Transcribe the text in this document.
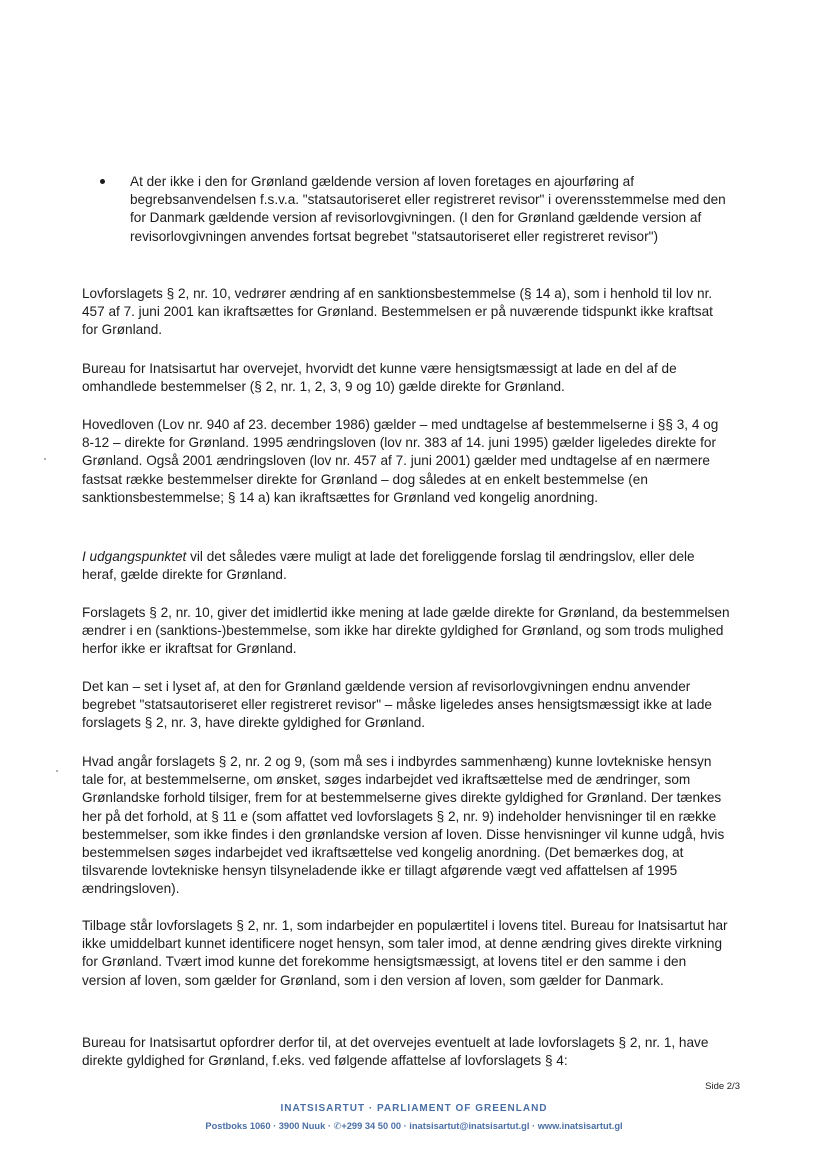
At der ikke i den for Grønland gældende version af loven foretages en ajourføring af begrebsanvendelsen f.s.v.a. "statsautoriseret eller registreret revisor" i overensstemmelse med den for Danmark gældende version af revisorlovgivningen. (I den for Grønland gældende version af revisorlovgivningen anvendes fortsat begrebet "statsautoriseret eller registreret revisor")

Lovforslagets § 2, nr. 10, vedrører ændring af en sanktionsbestemmelse (§ 14 a), som i henhold til lov nr. 457 af 7. juni 2001 kan ikraftsættes for Grønland. Bestemmelsen er på nuværende tidspunkt ikke kraftsat for Grønland.

Bureau for Inatsisartut har overvejet, hvorvidt det kunne være hensigtsmæssigt at lade en del af de omhandlede bestemmelser (§ 2, nr. 1, 2, 3, 9 og 10) gælde direkte for Grønland.

Hovedloven (Lov nr. 940 af 23. december 1986) gælder – med undtagelse af bestemmelserne i §§ 3, 4 og 8-12 – direkte for Grønland. 1995 ændringsloven (lov nr. 383 af 14. juni 1995) gælder ligeledes direkte for Grønland. Også 2001 ændringsloven (lov nr. 457 af 7. juni 2001) gælder med undtagelse af en nærmere fastsat række bestemmelser direkte for Grønland – dog således at en enkelt bestemmelse (en sanktionsbestemmelse; § 14 a) kan ikraftsættes for Grønland ved kongelig anordning.

I udgangspunktet vil det således være muligt at lade det foreliggende forslag til ændringslov, eller dele heraf, gælde direkte for Grønland.

Forslagets § 2, nr. 10, giver det imidlertid ikke mening at lade gælde direkte for Grønland, da bestemmelsen ændrer i en (sanktions-)bestemmelse, som ikke har direkte gyldighed for Grønland, og som trods mulighed herfor ikke er ikraftsat for Grønland.

Det kan – set i lyset af, at den for Grønland gældende version af revisorlovgivningen endnu anvender begrebet "statsautoriseret eller registreret revisor" – måske ligeledes anses hensigtsmæssigt ikke at lade forslagets § 2, nr. 3, have direkte gyldighed for Grønland.

Hvad angår forslagets § 2, nr. 2 og 9, (som må ses i indbyrdes sammenhæng) kunne lovtekniske hensyn tale for, at bestemmelserne, om ønsket, søges indarbejdet ved ikraftsættelse med de ændringer, som Grønlandske forhold tilsiger, frem for at bestemmelserne gives direkte gyldighed for Grønland. Der tænkes her på det forhold, at § 11 e (som affattet ved lovforslagets § 2, nr. 9) indeholder henvisninger til en række bestemmelser, som ikke findes i den grønlandske version af loven. Disse henvisninger vil kunne udgå, hvis bestemmelsen søges indarbejdet ved ikraftsættelse ved kongelig anordning. (Det bemærkes dog, at tilsvarende lovtekniske hensyn tilsyneladende ikke er tillagt afgørende vægt ved affattelsen af 1995 ændringsloven).

Tilbage står lovforslagets § 2, nr. 1, som indarbejder en populærtitel i lovens titel. Bureau for Inatsisartut har ikke umiddelbart kunnet identificere noget hensyn, som taler imod, at denne ændring gives direkte virkning for Grønland. Tvært imod kunne det forekomme hensigtsmæssigt, at lovens titel er den samme i den version af loven, som gælder for Grønland, som i den version af loven, som gælder for Danmark.

Bureau for Inatsisartut opfordrer derfor til, at det overvejes eventuelt at lade lovforslagets § 2, nr. 1, have direkte gyldighed for Grønland, f.eks. ved følgende affattelse af lovforslagets § 4:

Side 2/3
INATSISARTUT · PARLIAMENT OF GREENLAND
Postboks 1060 · 3900 Nuuk · ✆+299 34 50 00 · inatsisartut@inatsisartut.gl · www.inatsisartut.gl
